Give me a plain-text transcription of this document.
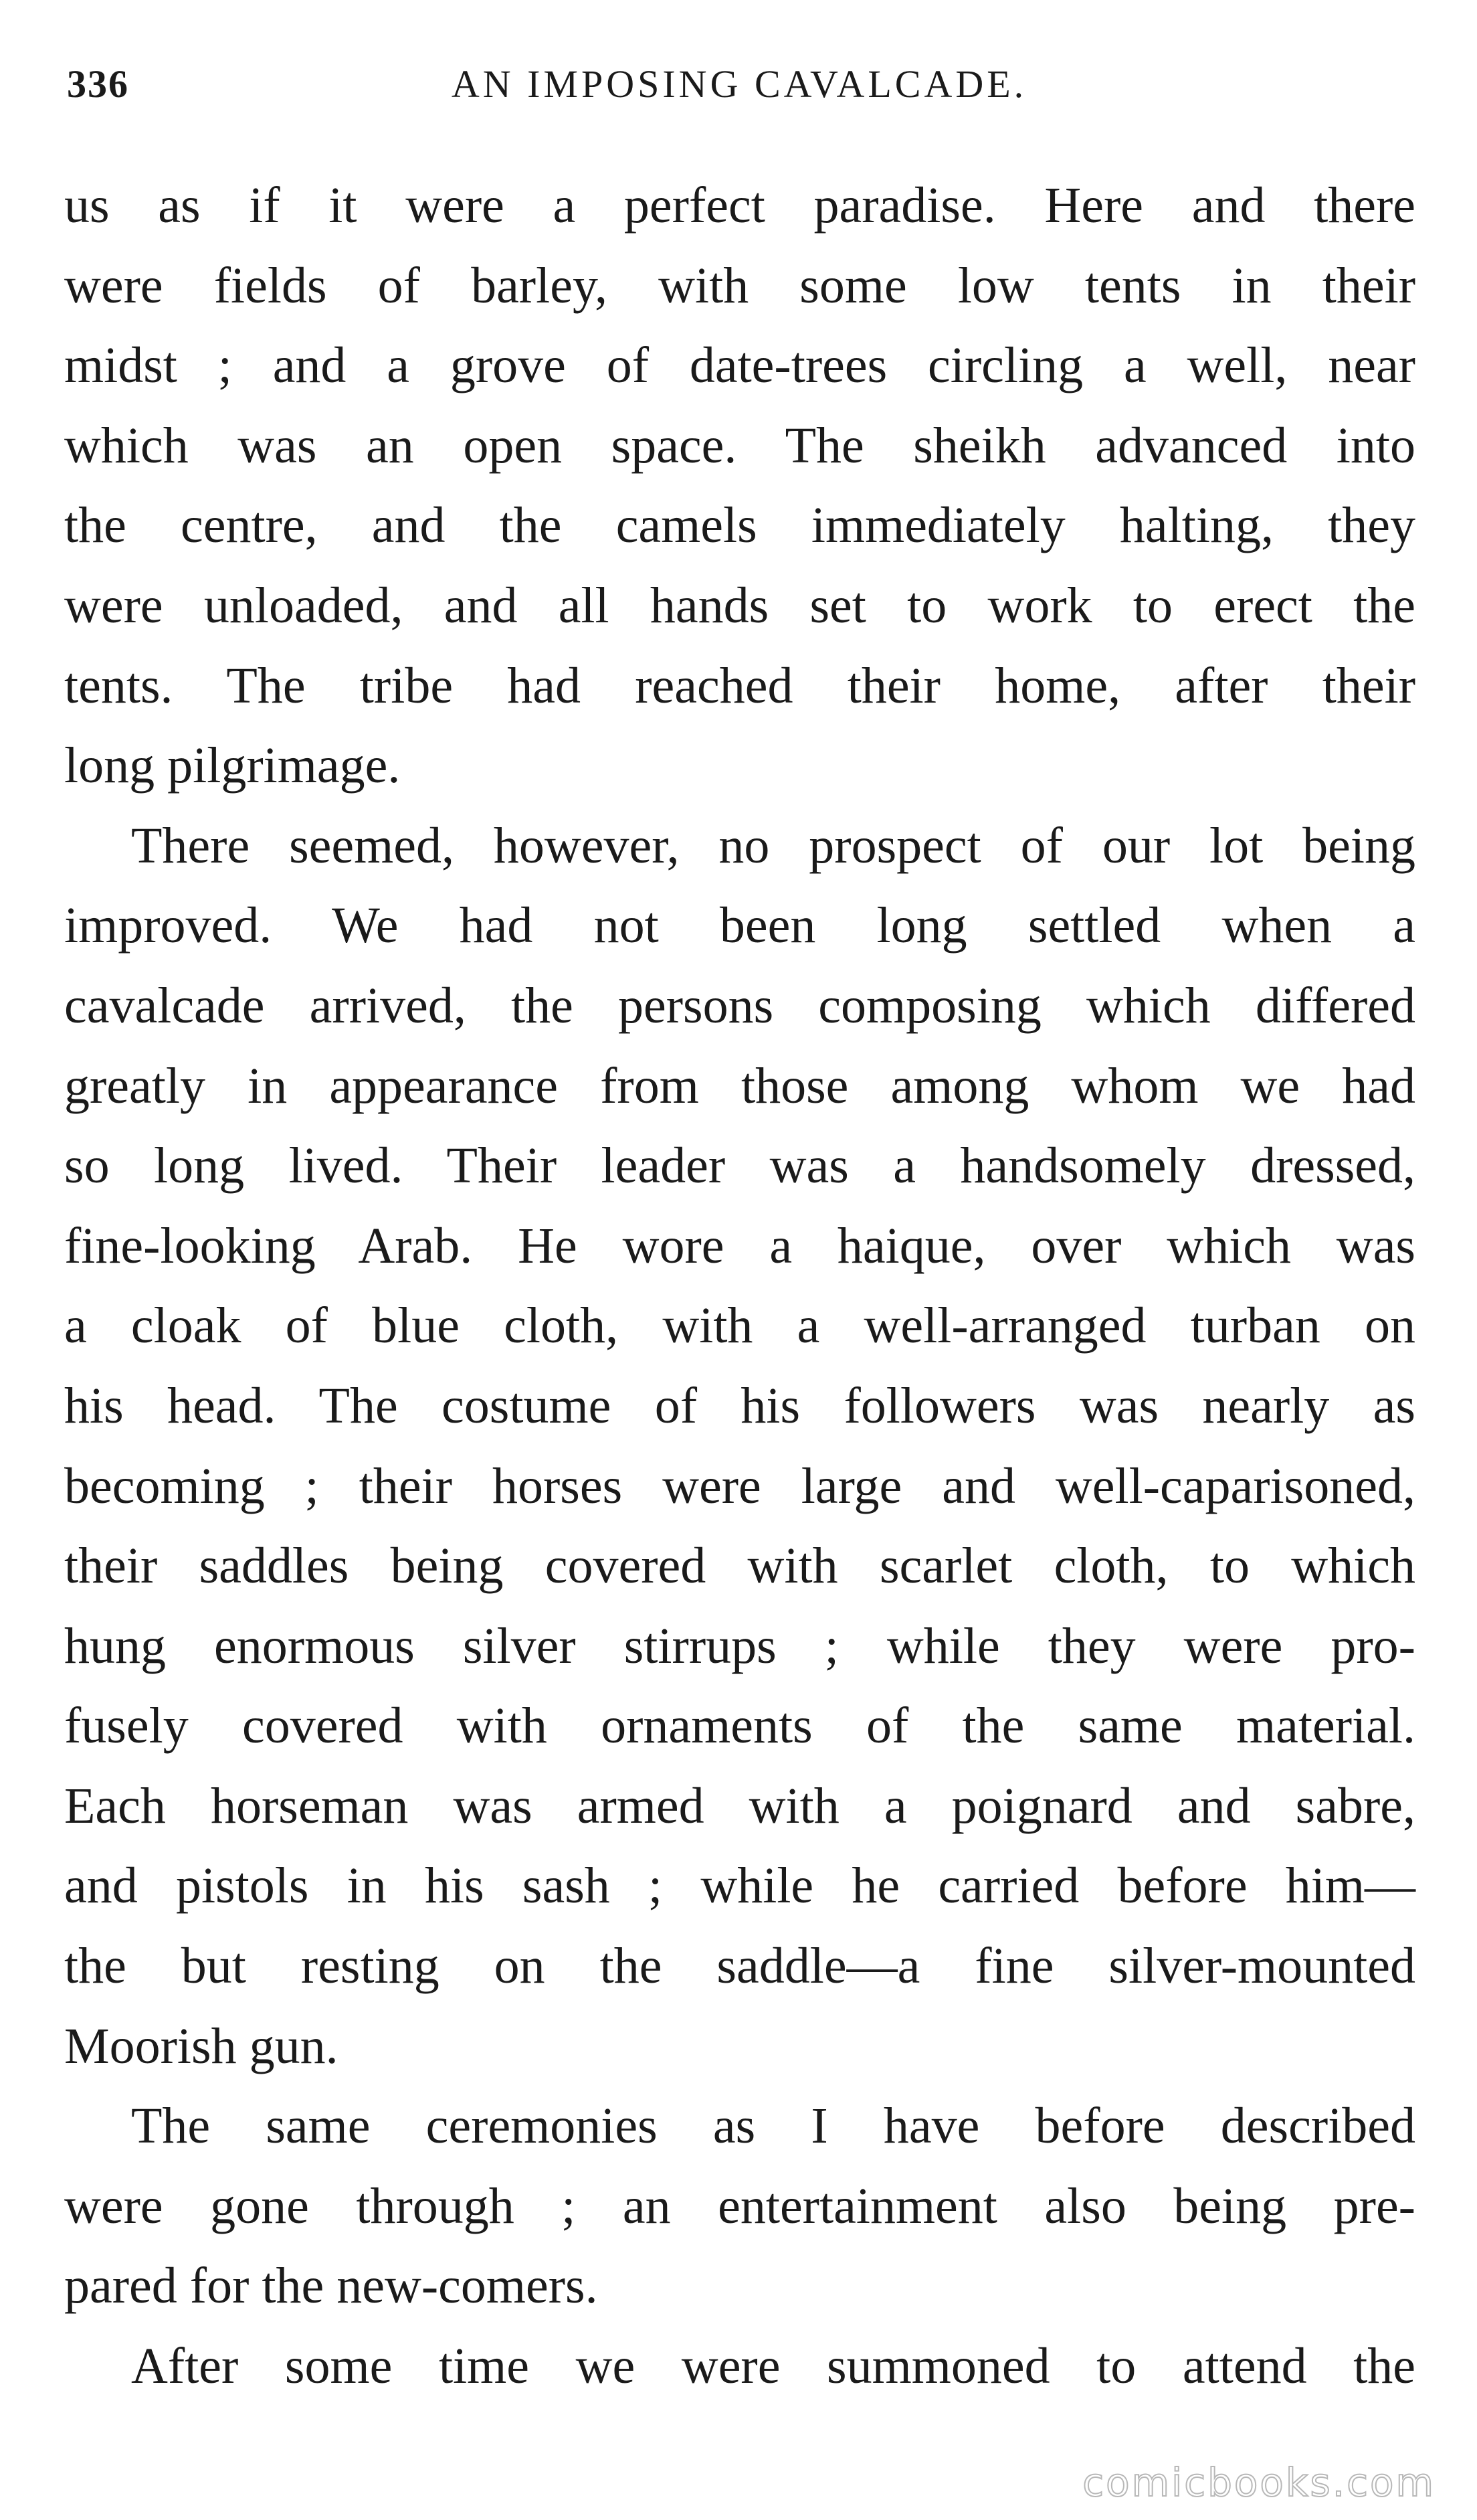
336	AN IMPOSING CAVALCADE.
us as if it were a perfect paradise. Here and there
were fields of barley, with some low tents in their
midst ; and a grove of date-trees circling a well, near
which was an open space. The sheikh advanced into
the centre, and the camels immediately halting, they
were unloaded, and all hands set to work to erect the
tents. The tribe had reached their home, after their
long pilgrimage.
There seemed, however, no prospect of our lot being
improved. We had not been long settled when a
cavalcade arrived, the persons composing which differed
greatly in appearance from those among whom we had
so long lived. Their leader was a handsomely dressed,
fine-looking Arab. He wore a haique, over which was
a cloak of blue cloth, with a well-arranged turban on
his head. The costume of his followers was nearly as
becoming ; their horses were large and well-caparisoned,
their saddles being covered with scarlet cloth, to which
hung enormous silver stirrups ; while they were pro-
fusely covered with ornaments of the same material.
Each horseman was armed with a poignard and sabre,
and pistols in his sash ; while he carried before him—
the but resting on the saddle—a fine silver-mounted
Moorish gun.
The same ceremonies as I have before described
were gone through ; an entertainment also being pre-
pared for the new-comers.
After some time we were summoned to attend the
comicbooks.com
